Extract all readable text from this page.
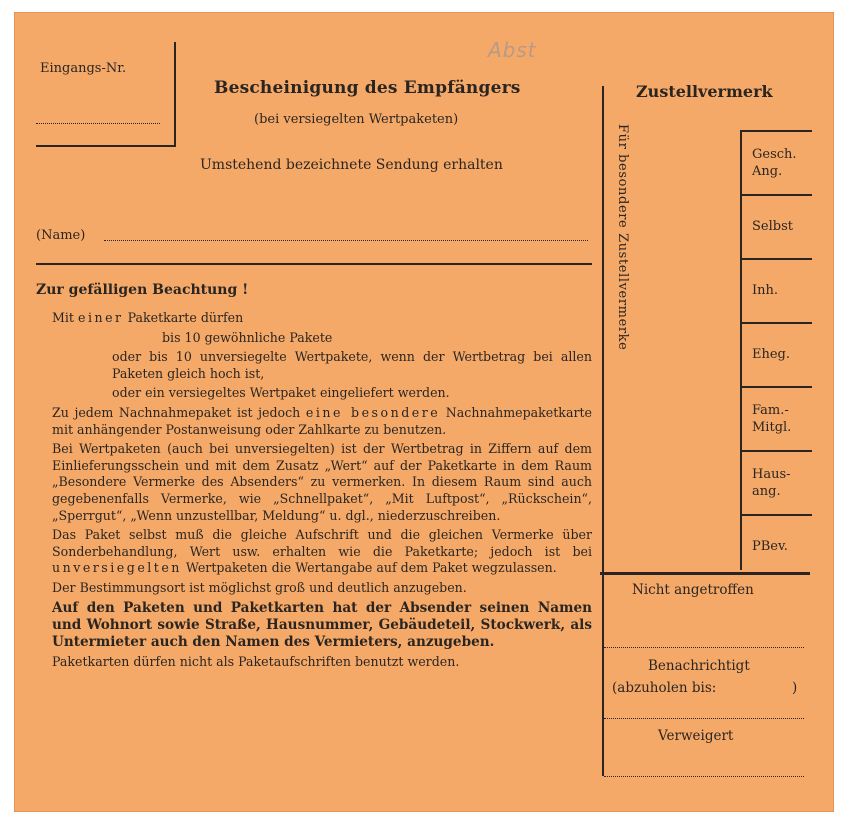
Abst
Eingangs-Nr.
Bescheinigung des Empfängers
(bei versiegelten Wertpaketen)
Umstehend bezeichnete Sendung erhalten
(Name)
Zur gefälligen Beachtung !

Mit einer Paketkarte dürfen

bis 10 gewöhnliche Pakete

oder bis 10 unversiegelte Wertpakete, wenn der Wertbetrag bei allen Paketen gleich hoch ist,

oder ein versiegeltes Wertpaket eingeliefert werden.

Zu jedem Nachnahmepaket ist jedoch eine besondere Nachnahmepaketkarte mit anhängender Postanweisung oder Zahlkarte zu benutzen.

Bei Wertpaketen (auch bei unversiegelten) ist der Wertbetrag in Ziffern auf dem Einlieferungsschein und mit dem Zusatz „Wert“ auf der Paketkarte in dem Raum „Besondere Vermerke des Absenders“ zu vermerken. In diesem Raum sind auch gegebenenfalls Vermerke, wie „Schnellpaket“, „Mit Luftpost“, „Rückschein“, „Sperrgut“, „Wenn unzustellbar, Meldung“ u. dgl., niederzuschreiben.

Das Paket selbst muß die gleiche Aufschrift und die gleichen Vermerke über Sonderbehandlung, Wert usw. erhalten wie die Paketkarte; jedoch ist bei unversiegelten Wertpaketen die Wertangabe auf dem Paket wegzulassen.

Der Bestimmungsort ist möglichst groß und deutlich anzugeben.

Auf den Paketen und Paketkarten hat der Absender seinen Namen und Wohnort sowie Straße, Hausnummer, Gebäudeteil, Stockwerk, als Untermieter auch den Namen des Vermieters, anzugeben.

Paketkarten dürfen nicht als Paketaufschriften benutzt werden.

Zustellvermerk
Für besondere Zustellvermerke
Nicht angetroffen
Benachrichtigt
(abzuholen bis:	)
Verweigert
Gesch.
Ang.
Selbst
Inh.
Eheg.
Fam.-
Mitgl.
Haus-
ang.
PBev.
